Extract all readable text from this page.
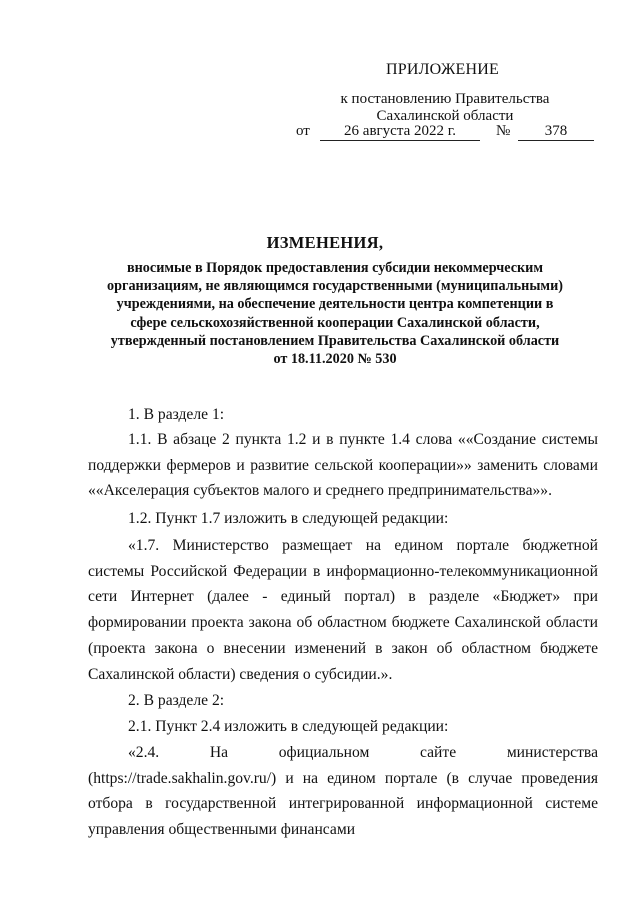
ПРИЛОЖЕНИЕ
к постановлению Правительства
Сахалинской области
от	26 августа 2022 г.	№	378
ИЗМЕНЕНИЯ,
вносимые в Порядок предоставления субсидии некоммерческим
организациям, не являющимся государственными (муниципальными)
учреждениями, на обеспечение деятельности центра компетенции в
сфере сельскохозяйственной кооперации Сахалинской области,
утвержденный постановлением Правительства Сахалинской области
от 18.11.2020 № 530

1. В разделе 1:

1.1. В абзаце 2 пункта 1.2 и в пункте 1.4 слова ««Создание системы поддержки фермеров и развитие сельской кооперации»» заменить словами ««Акселерация субъектов малого и среднего предпринимательства»».

1.2. Пункт 1.7 изложить в следующей редакции:

«1.7. Министерство размещает на едином портале бюджетной системы Российской Федерации в информационно-телекоммуникационной сети Интернет (далее - единый портал) в разделе «Бюджет» при формировании проекта закона об областном бюджете Сахалинской области (проекта закона о внесении изменений в закон об областном бюджете Сахалинской области) сведения о субсидии.».

2. В разделе 2:

2.1. Пункт 2.4 изложить в следующей редакции:

«2.4. На официальном сайте министерства (https://trade.sakhalin.gov.ru/) и на едином портале (в случае проведения отбора в государственной интегрированной информационной системе управления общественными финансами
